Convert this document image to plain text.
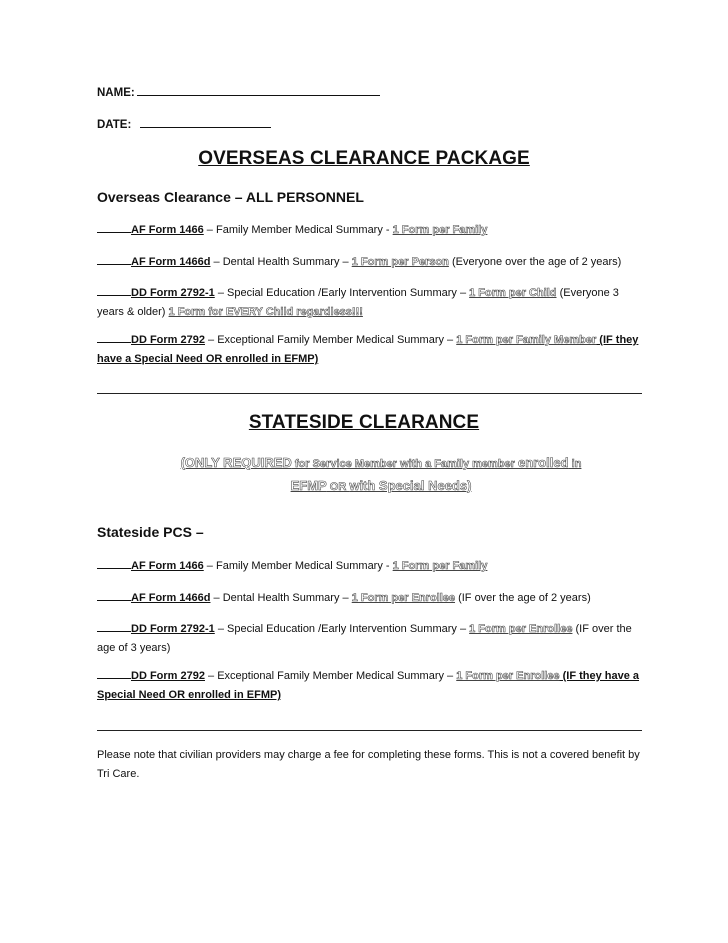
NAME:
DATE:
OVERSEAS CLEARANCE PACKAGE
Overseas Clearance – ALL PERSONNEL
AF Form 1466 – Family Member Medical Summary - 1 Form per Family
AF Form 1466d – Dental Health Summary – 1 Form per Person (Everyone over the age of 2 years)
DD Form 2792-1 – Special Education /Early Intervention Summary – 1 Form per Child (Everyone 3 years & older) 1 Form for EVERY Child regardless!!!
DD Form 2792 – Exceptional Family Member Medical Summary – 1 Form per Family Member (IF they have a Special Need OR enrolled in EFMP)
STATESIDE CLEARANCE
(ONLY REQUIRED for Service Member with a Family member enrolled in
EFMP OR with Special Needs)
Stateside PCS –
AF Form 1466 – Family Member Medical Summary - 1 Form per Family
AF Form 1466d – Dental Health Summary – 1 Form per Enrollee (IF over the age of 2 years)
DD Form 2792-1 – Special Education /Early Intervention Summary – 1 Form per Enrollee (IF over the age of 3 years)
DD Form 2792 – Exceptional Family Member Medical Summary – 1 Form per Enrollee (IF they have a Special Need OR enrolled in EFMP)
Please note that civilian providers may charge a fee for completing these forms. This is not a covered benefit by Tri Care.
